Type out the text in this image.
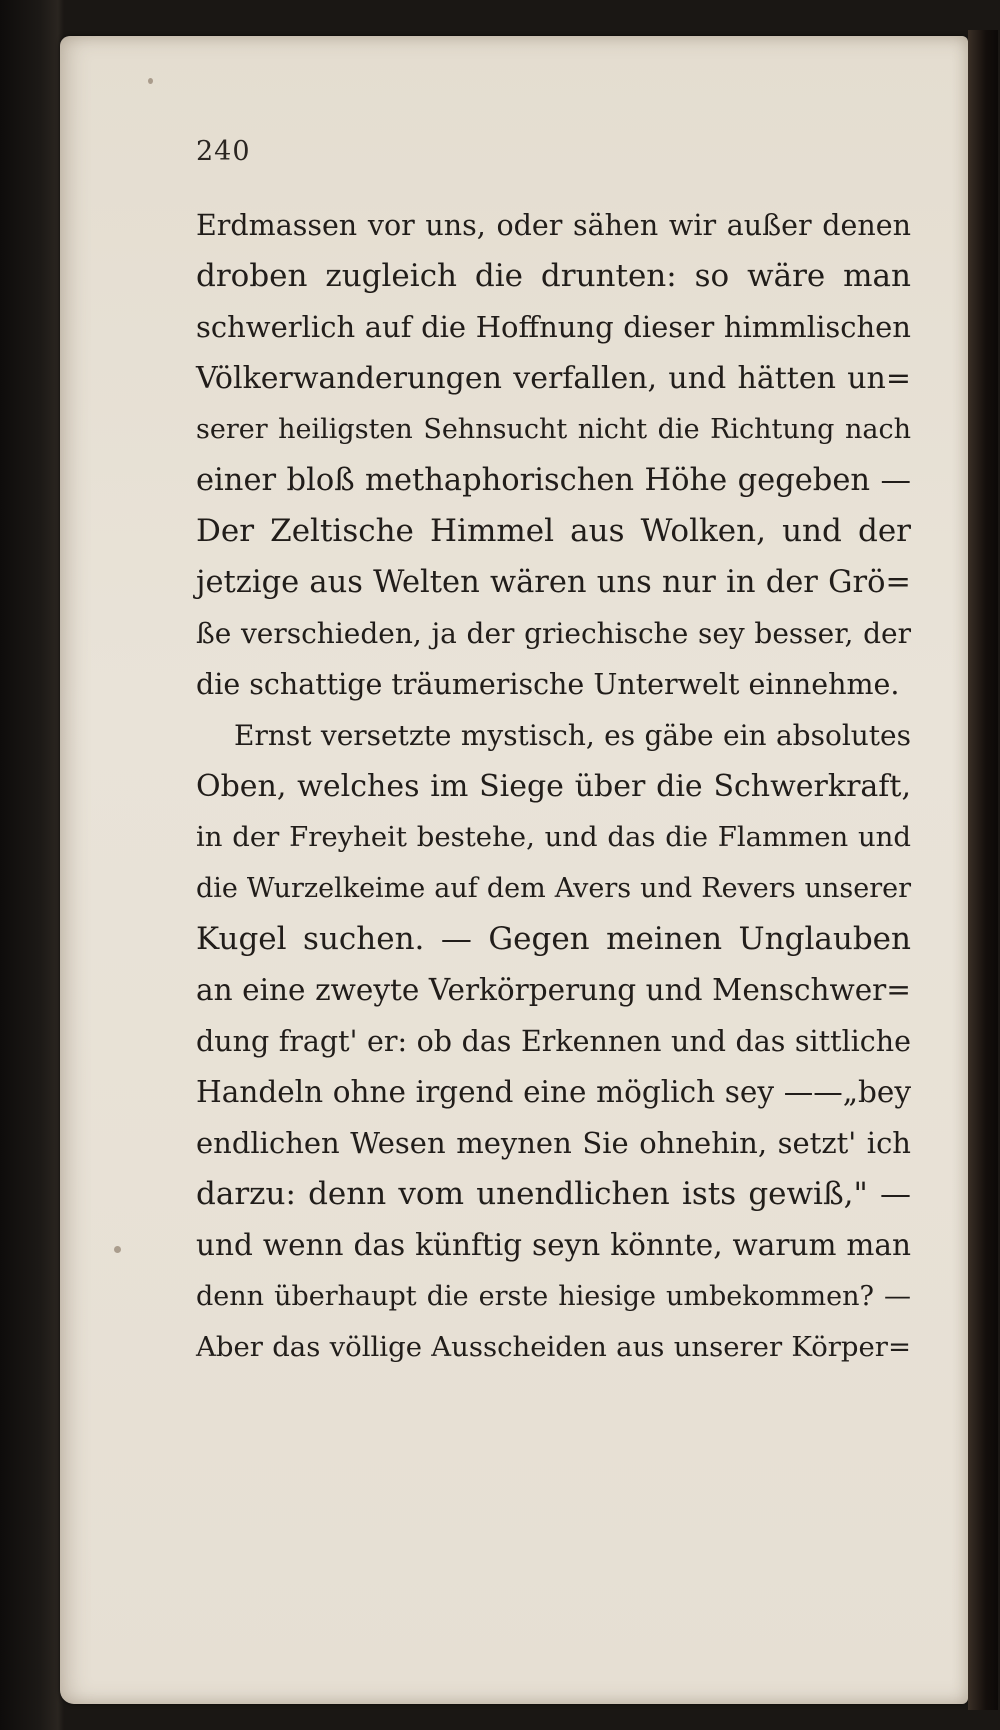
240
Erdmassen vor uns, oder sähen wir außer denen
droben zugleich die drunten: so wäre man
schwerlich auf die Hoffnung dieser himmlischen
Völkerwanderungen verfallen, und hätten un=
serer heiligsten Sehnsucht nicht die Richtung nach
einer bloß methaphorischen Höhe gegeben —
Der Zeltische Himmel aus Wolken, und der
jetzige aus Welten wären uns nur in der Grö=
ße verschieden, ja der griechische sey besser, der
die schattige träumerische Unterwelt einnehme.
Ernst versetzte mystisch, es gäbe ein absolutes
Oben, welches im Siege über die Schwerkraft,
in der Freyheit bestehe, und das die Flammen und
die Wurzelkeime auf dem Avers und Revers unserer
Kugel suchen. — Gegen meinen Unglauben
an eine zweyte Verkörperung und Menschwer=
dung fragt' er: ob das Erkennen und das sittliche
Handeln ohne irgend eine möglich sey ——„bey
endlichen Wesen meynen Sie ohnehin, setzt' ich
darzu: denn vom unendlichen ists gewiß," —
und wenn das künftig seyn könnte, warum man
denn überhaupt die erste hiesige umbekommen? —
Aber das völlige Ausscheiden aus unserer Körper=
